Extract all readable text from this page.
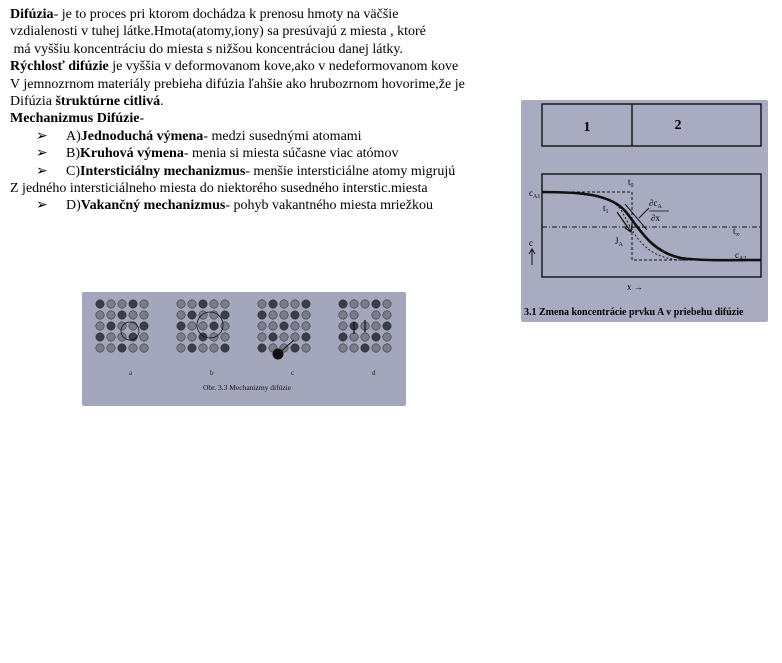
Difúzia- je to proces pri ktorom dochádza k prenosu hmoty na väčšie

vzdialenosti v tuhej látke.Hmota(atomy,iony) sa presúvajú z miesta , ktoré

má vyššiu koncentráciu do miesta s nižšou koncentráciou danej látky.

Rýchlosť difúzie je vyššia v deformovanom kove,ako v nedeformovanom kove

V jemnozrnom materiály prebieha difúzia ľahšie ako hrubozrnom hovorime,že je

Difúzia štruktúrne citlivá.

Mechanizmus Difúzie-

➢ A)Jednoduchá výmena- medzi susednými atomami

➢ B)Kruhová výmena- menia si miesta súčasne viac atómov

➢ C)Intersticiálny mechanizmus- menšie intersticiálne atomy migrujú

Z jedného intersticiálneho miesta do niektorého susedného interstic.miesta

➢ D)Vakančný mechanizmus- pohyb vakantného miesta mriežkou

1	2
$c_{A1}$
$c_{A2}$
$t_0$
$t_1$
$t_\infty$
$J_A$
$\partial c_A$
∂x
c
x →
3.1 Zmena koncentrácie prvku A v priebehu difúzie
a	b	c	d
Obr. 3.3 Mechanizmy difúzie
